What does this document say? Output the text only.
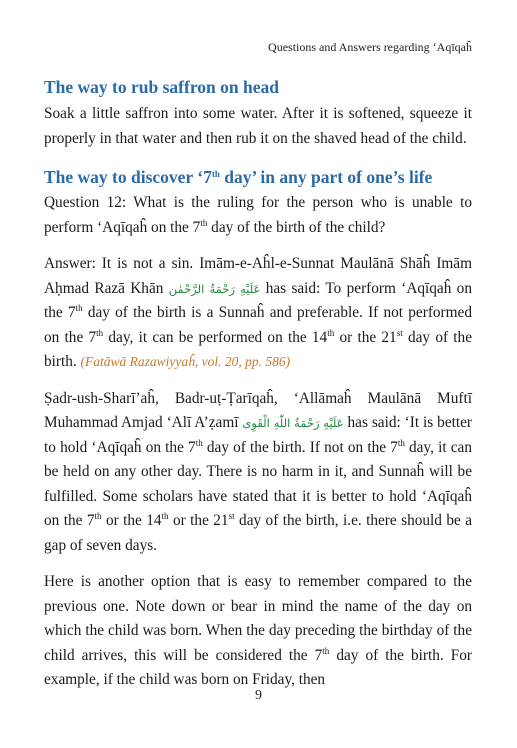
Questions and Answers regarding ‘Aqīqaĥ
The way to rub saffron on head

Soak a little saffron into some water. After it is softened, squeeze it properly in that water and then rub it on the shaved head of the child.

The way to discover ‘7th day’ in any part of one’s life

Question 12: What is the ruling for the person who is unable to perform ‘Aqīqaĥ on the 7th day of the birth of the child?

Answer: It is not a sin. Imām-e-Aĥl-e-Sunnat Maulānā Shāĥ Imām Aḥmad Razā Khān عَلَيْهِ رَحْمَةُ الرَّحْمٰن has said: To perform ‘Aqīqaĥ on the 7th day of the birth is a Sunnaĥ and preferable. If not performed on the 7th day, it can be performed on the 14th or the 21st day of the birth. (Fatāwā Razawiyyaĥ, vol. 20, pp. 586)

Ṣadr-ush-Sharī’aĥ, Badr-uṭ-Ṭarīqaĥ, ‘Allāmaĥ Maulānā Muftī Muhammad Amjad ‘Alī A’ẓamī عَلَيْهِ رَحْمَةُ اللّٰهِ الْقَوِى has said: ‘It is better to hold ‘Aqīqaĥ on the 7th day of the birth. If not on the 7th day, it can be held on any other day. There is no harm in it, and Sunnaĥ will be fulfilled. Some scholars have stated that it is better to hold ‘Aqīqaĥ on the 7th or the 14th or the 21st day of the birth, i.e. there should be a gap of seven days.

Here is another option that is easy to remember compared to the previous one. Note down or bear in mind the name of the day on which the child was born. When the day preceding the birthday of the child arrives, this will be considered the 7th day of the birth. For example, if the child was born on Friday, then

9
